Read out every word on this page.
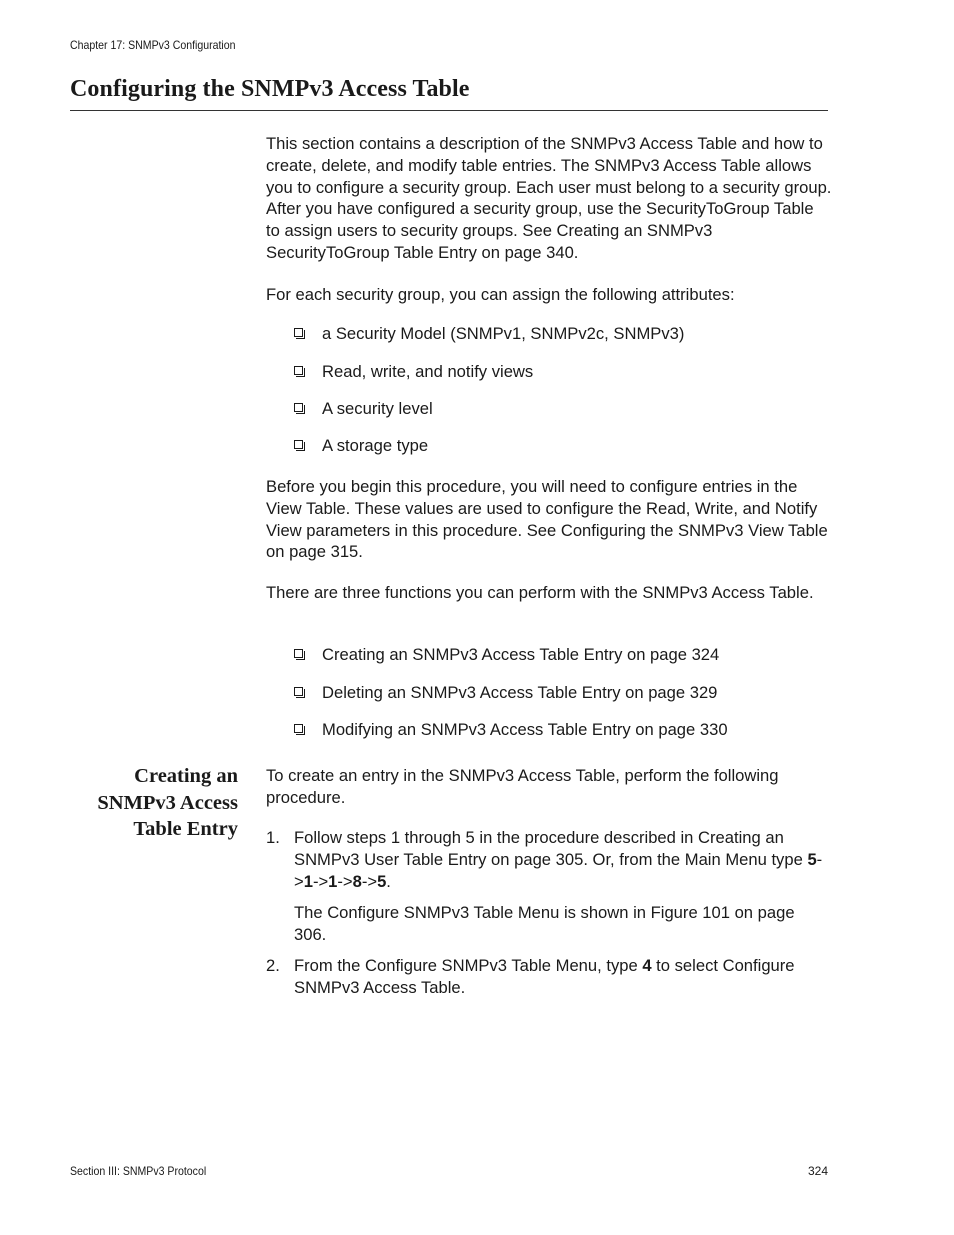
Chapter 17: SNMPv3 Configuration
Configuring the SNMPv3 Access Table

This section contains a description of the SNMPv3 Access Table and how to create, delete, and modify table entries. The SNMPv3 Access Table allows you to configure a security group. Each user must belong to a security group. After you have configured a security group, use the SecurityToGroup Table to assign users to security groups. See Creating an SNMPv3 SecurityToGroup Table Entry on page 340.

For each security group, you can assign the following attributes:

a Security Model (SNMPv1, SNMPv2c, SNMPv3)
Read, write, and notify views
A security level
A storage type

Before you begin this procedure, you will need to configure entries in the View Table. These values are used to configure the Read, Write, and Notify View parameters in this procedure. See Configuring the SNMPv3 View Table on page 315.

There are three functions you can perform with the SNMPv3 Access Table.

Creating an SNMPv3 Access Table Entry on page 324
Deleting an SNMPv3 Access Table Entry on page 329
Modifying an SNMPv3 Access Table Entry on page 330
Creating an
SNMPv3 Access
Table Entry

To create an entry in the SNMPv3 Access Table, perform the following procedure.

1. Follow steps 1 through 5 in the procedure described in Creating an SNMPv3 User Table Entry on page 305. Or, from the Main Menu type 5->1->1->8->5.

The Configure SNMPv3 Table Menu is shown in Figure 101 on page 306.

2. From the Configure SNMPv3 Table Menu, type 4 to select Configure SNMPv3 Access Table.

Section III: SNMPv3 Protocol	324
